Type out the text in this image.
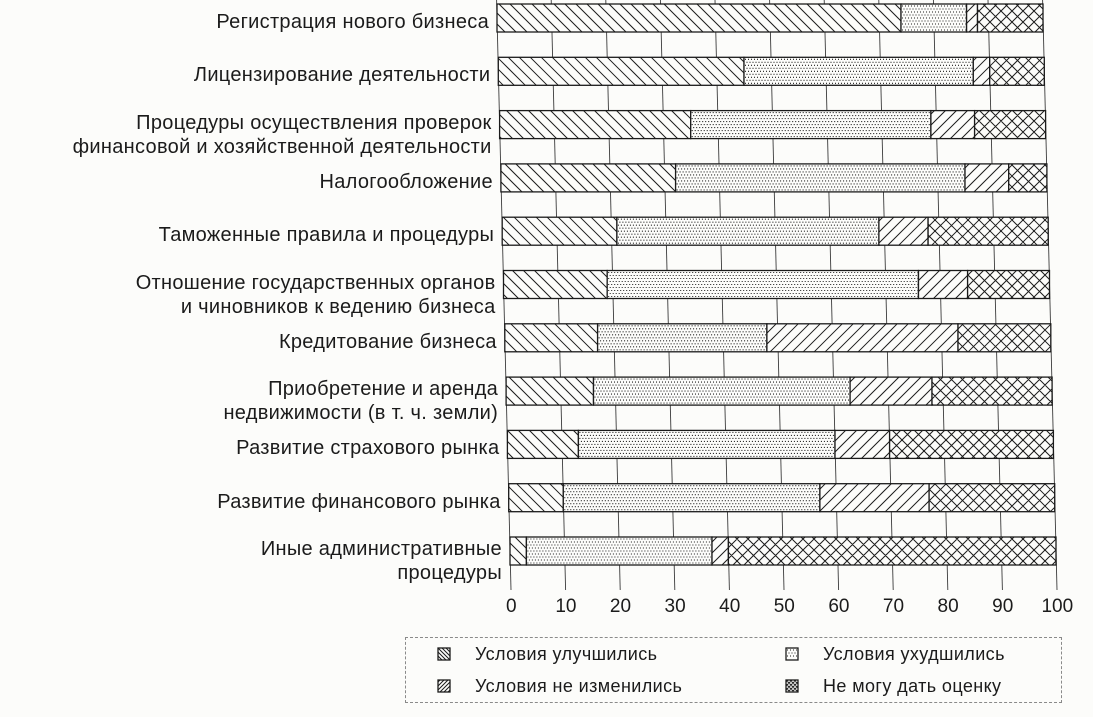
0 10 20 30 40 50 60 70 80 90 100
Условия улучшились	Условия ухудшились
Условия не изменились	Не могу дать оценку
Регистрация нового бизнеса
Лицензирование деятельности
Процедуры осуществления проверок
финансовой и хозяйственной деятельности
Налогообложение
Таможенные правила и процедуры
Отношение государственных органов
и чиновников к ведению бизнеса
Кредитование бизнеса
Приобретение и аренда
недвижимости (в т. ч. земли)
Развитие страхового рынка
Развитие финансового рынка
Иные административные
процедуры
